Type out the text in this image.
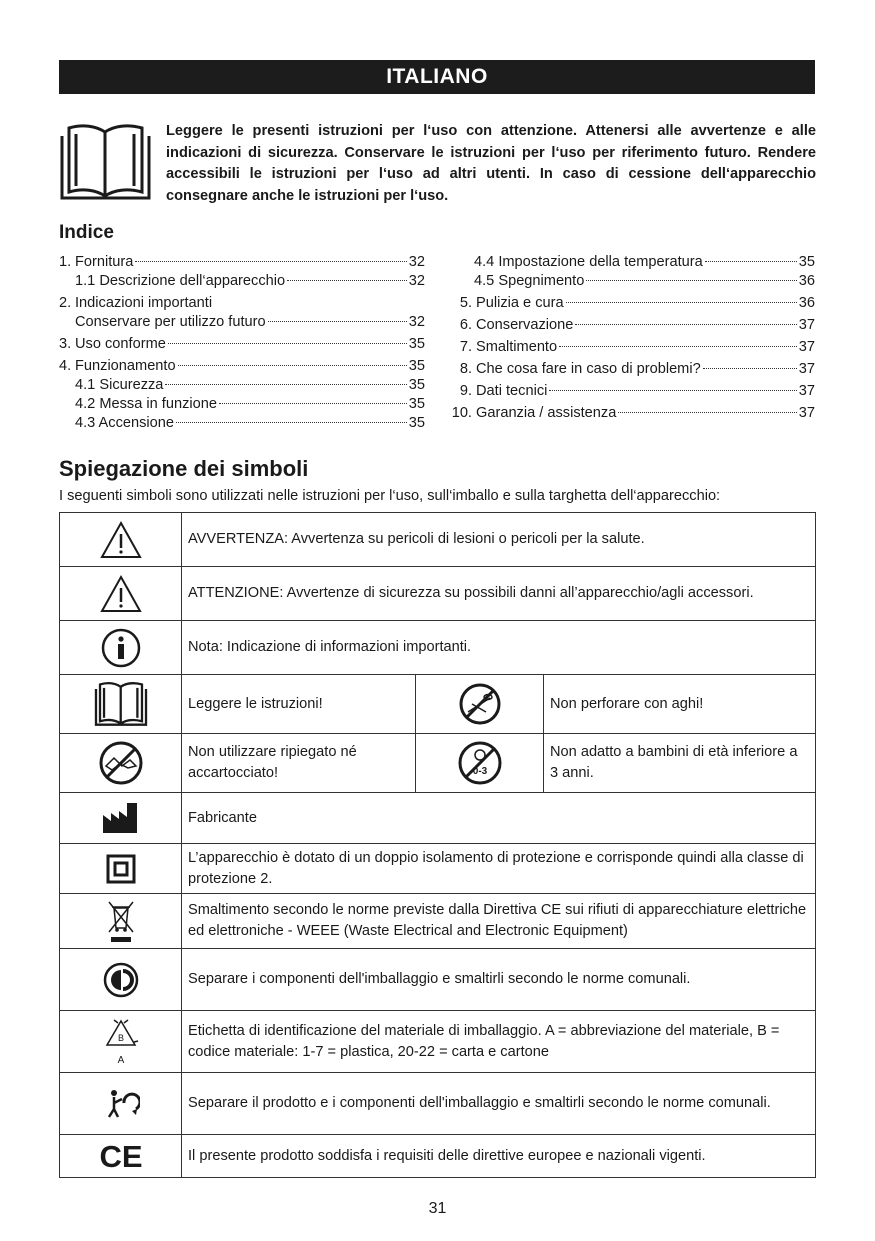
ITALIANO
Leggere le presenti istruzioni per l‘uso con attenzione. Attenersi alle avvertenze e alle indicazioni di sicurezza. Conservare le istruzioni per l‘uso per riferimento futuro. Rendere accessibili le istruzioni per l‘uso ad altri utenti. In caso di cessione dell‘apparecchio consegnare anche le istruzioni per l‘uso.
Indice
1. Fornitura	32
1.1 Descrizione dell‘apparecchio	32
2. Indicazioni importanti
Conservare per utilizzo futuro	32
3. Uso conforme	35
4. Funzionamento	35
4.1 Sicurezza	35
4.2 Messa in funzione	35
4.3 Accensione	35
4.4 Impostazione della temperatura	35
4.5 Spegnimento	36
5. Pulizia e cura	36
6. Conservazione	37
7. Smaltimento	37
8. Che cosa fare in caso di problemi?	37
9. Dati tecnici	37
10. Garanzia / assistenza	37
Spiegazione dei simboli
I seguenti simboli sono utilizzati nelle istruzioni per l‘uso, sull‘imballo e sulla targhetta dell‘apparecchio:
	AVVERTENZA: Avvertenza su pericoli di lesioni o pericoli per la salute.		

	ATTENZIONE: Avvertenze di sicurezza su possibili danni all’apparecchio/agli accessori.		

	Nota: Indicazione di informazioni importanti.		

	Leggere le istruzioni!		Non perforare con aghi!

	Non utilizzare ripiegato né accartocciato!	0-3	Non adatto a bambini di età inferiore a 3 anni.

	Fabricante		

	L’apparecchio è dotato di un doppio isolamento di protezione e corrisponde quindi alla classe di protezione 2.		

	Smaltimento secondo le norme previste dalla Direttiva CE sui rifiuti di apparecchiature elettriche ed elettroniche - WEEE (Waste Electrical and Electronic Equipment)		

	Separare i componenti dell'imballaggio e smaltirli secondo le norme comunali.		

B
A	Etichetta di identificazione del materiale di imballaggio. A = abbreviazione del materiale, B = codice materiale: 1-7 = plastica, 20-22 = carta e cartone		

	Separare il prodotto e i componenti dell'imballaggio e smaltirli secondo le norme comunali.		

CE	Il presente prodotto soddisfa i requisiti delle direttive europee e nazionali vigenti.		
31
